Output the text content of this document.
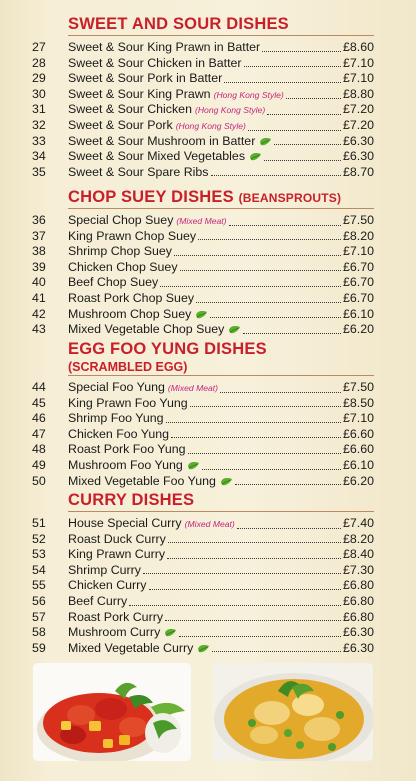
SWEET AND SOUR DISHES
27	Sweet & Sour King Prawn in Batter	£8.60
28	Sweet & Sour Chicken in Batter	£7.10
29	Sweet & Sour Pork in Batter	£7.10
30	Sweet & Sour King Prawn (Hong Kong Style)	£8.80
31	Sweet & Sour Chicken (Hong Kong Style)	£7.20
32	Sweet & Sour Pork (Hong Kong Style)	£7.20
33	Sweet & Sour Mushroom in Batter	£6.30
34	Sweet & Sour Mixed Vegetables	£6.30
35	Sweet & Sour Spare Ribs	£8.70
CHOP SUEY DISHES (BEANSPROUTS)
36	Special Chop Suey (Mixed Meat)	£7.50
37	King Prawn Chop Suey	£8.20
38	Shrimp Chop Suey	£7.10
39	Chicken Chop Suey	£6.70
40	Beef Chop Suey	£6.70
41	Roast Pork Chop Suey	£6.70
42	Mushroom Chop Suey	£6.10
43	Mixed Vegetable Chop Suey	£6.20
EGG FOO YUNG DISHES
(SCRAMBLED EGG)
44	Special Foo Yung (Mixed Meat)	£7.50
45	King Prawn Foo Yung	£8.50
46	Shrimp Foo Yung	£7.10
47	Chicken Foo Yung	£6.60
48	Roast Pork Foo Yung	£6.60
49	Mushroom Foo Yung	£6.10
50	Mixed Vegetable Foo Yung	£6.20
CURRY DISHES
51	House Special Curry (Mixed Meat)	£7.40
52	Roast Duck Curry	£8.20
53	King Prawn Curry	£8.40
54	Shrimp Curry	£7.30
55	Chicken Curry	£6.80
56	Beef Curry	£6.80
57	Roast Pork Curry	£6.80
58	Mushroom Curry	£6.30
59	Mixed Vegetable Curry	£6.30
